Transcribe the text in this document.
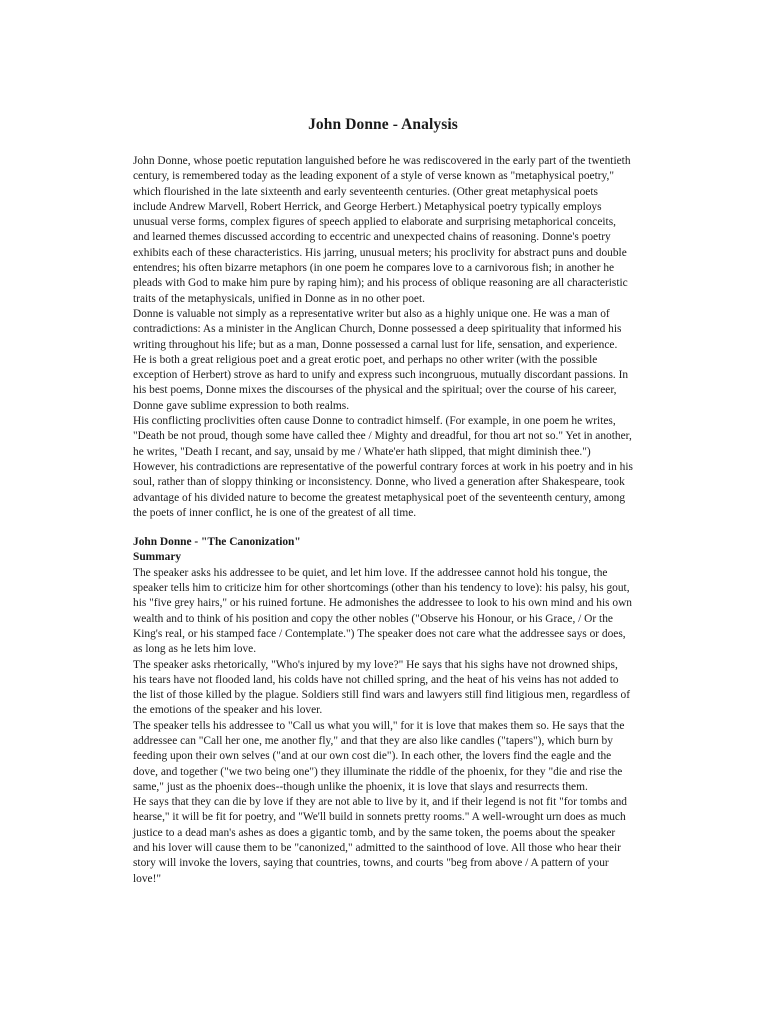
John Donne - Analysis

John Donne, whose poetic reputation languished before he was rediscovered in the early part of the twentieth century, is remembered today as the leading exponent of a style of verse known as "metaphysical poetry," which flourished in the late sixteenth and early seventeenth centuries. (Other great metaphysical poets include Andrew Marvell, Robert Herrick, and George Herbert.) Metaphysical poetry typically employs unusual verse forms, complex figures of speech applied to elaborate and surprising metaphorical conceits, and learned themes discussed according to eccentric and unexpected chains of reasoning. Donne's poetry exhibits each of these characteristics. His jarring, unusual meters; his proclivity for abstract puns and double entendres; his often bizarre metaphors (in one poem he compares love to a carnivorous fish; in another he pleads with God to make him pure by raping him); and his process of oblique reasoning are all characteristic traits of the metaphysicals, unified in Donne as in no other poet.

Donne is valuable not simply as a representative writer but also as a highly unique one. He was a man of contradictions: As a minister in the Anglican Church, Donne possessed a deep spirituality that informed his writing throughout his life; but as a man, Donne possessed a carnal lust for life, sensation, and experience. He is both a great religious poet and a great erotic poet, and perhaps no other writer (with the possible exception of Herbert) strove as hard to unify and express such incongruous, mutually discordant passions. In his best poems, Donne mixes the discourses of the physical and the spiritual; over the course of his career, Donne gave sublime expression to both realms.

His conflicting proclivities often cause Donne to contradict himself. (For example, in one poem he writes, "Death be not proud, though some have called thee / Mighty and dreadful, for thou art not so." Yet in another, he writes, "Death I recant, and say, unsaid by me / Whate'er hath slipped, that might diminish thee.") However, his contradictions are representative of the powerful contrary forces at work in his poetry and in his soul, rather than of sloppy thinking or inconsistency. Donne, who lived a generation after Shakespeare, took advantage of his divided nature to become the greatest metaphysical poet of the seventeenth century, among the poets of inner conflict, he is one of the greatest of all time.

John Donne - "The Canonization"
Summary

The speaker asks his addressee to be quiet, and let him love. If the addressee cannot hold his tongue, the speaker tells him to criticize him for other shortcomings (other than his tendency to love): his palsy, his gout, his "five grey hairs," or his ruined fortune. He admonishes the addressee to look to his own mind and his own wealth and to think of his position and copy the other nobles ("Observe his Honour, or his Grace, / Or the King's real, or his stamped face / Contemplate.") The speaker does not care what the addressee says or does, as long as he lets him love.

The speaker asks rhetorically, "Who's injured by my love?" He says that his sighs have not drowned ships, his tears have not flooded land, his colds have not chilled spring, and the heat of his veins has not added to the list of those killed by the plague. Soldiers still find wars and lawyers still find litigious men, regardless of the emotions of the speaker and his lover.

The speaker tells his addressee to "Call us what you will," for it is love that makes them so. He says that the addressee can "Call her one, me another fly," and that they are also like candles ("tapers"), which burn by feeding upon their own selves ("and at our own cost die"). In each other, the lovers find the eagle and the dove, and together ("we two being one") they illuminate the riddle of the phoenix, for they "die and rise the same," just as the phoenix does--though unlike the phoenix, it is love that slays and resurrects them.

He says that they can die by love if they are not able to live by it, and if their legend is not fit "for tombs and hearse," it will be fit for poetry, and "We'll build in sonnets pretty rooms." A well-wrought urn does as much justice to a dead man's ashes as does a gigantic tomb, and by the same token, the poems about the speaker and his lover will cause them to be "canonized," admitted to the sainthood of love. All those who hear their story will invoke the lovers, saying that countries, towns, and courts "beg from above / A pattern of your love!"
